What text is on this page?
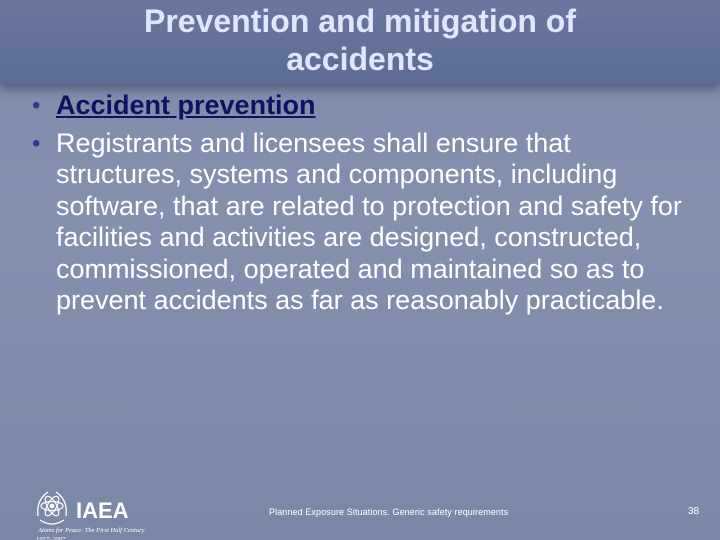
Prevention and mitigation of
accidents
• Accident prevention
• Registrants and licensees shall ensure that structures, systems and components, including software, that are related to protection and safety for facilities and activities are designed, constructed, commissioned, operated and maintained so as to prevent accidents as far as reasonably practicable.
IAEA
Atoms for Peace: The First Half Century
1957–2007
Planned Exposure Situations. Generic safety requirements	38
